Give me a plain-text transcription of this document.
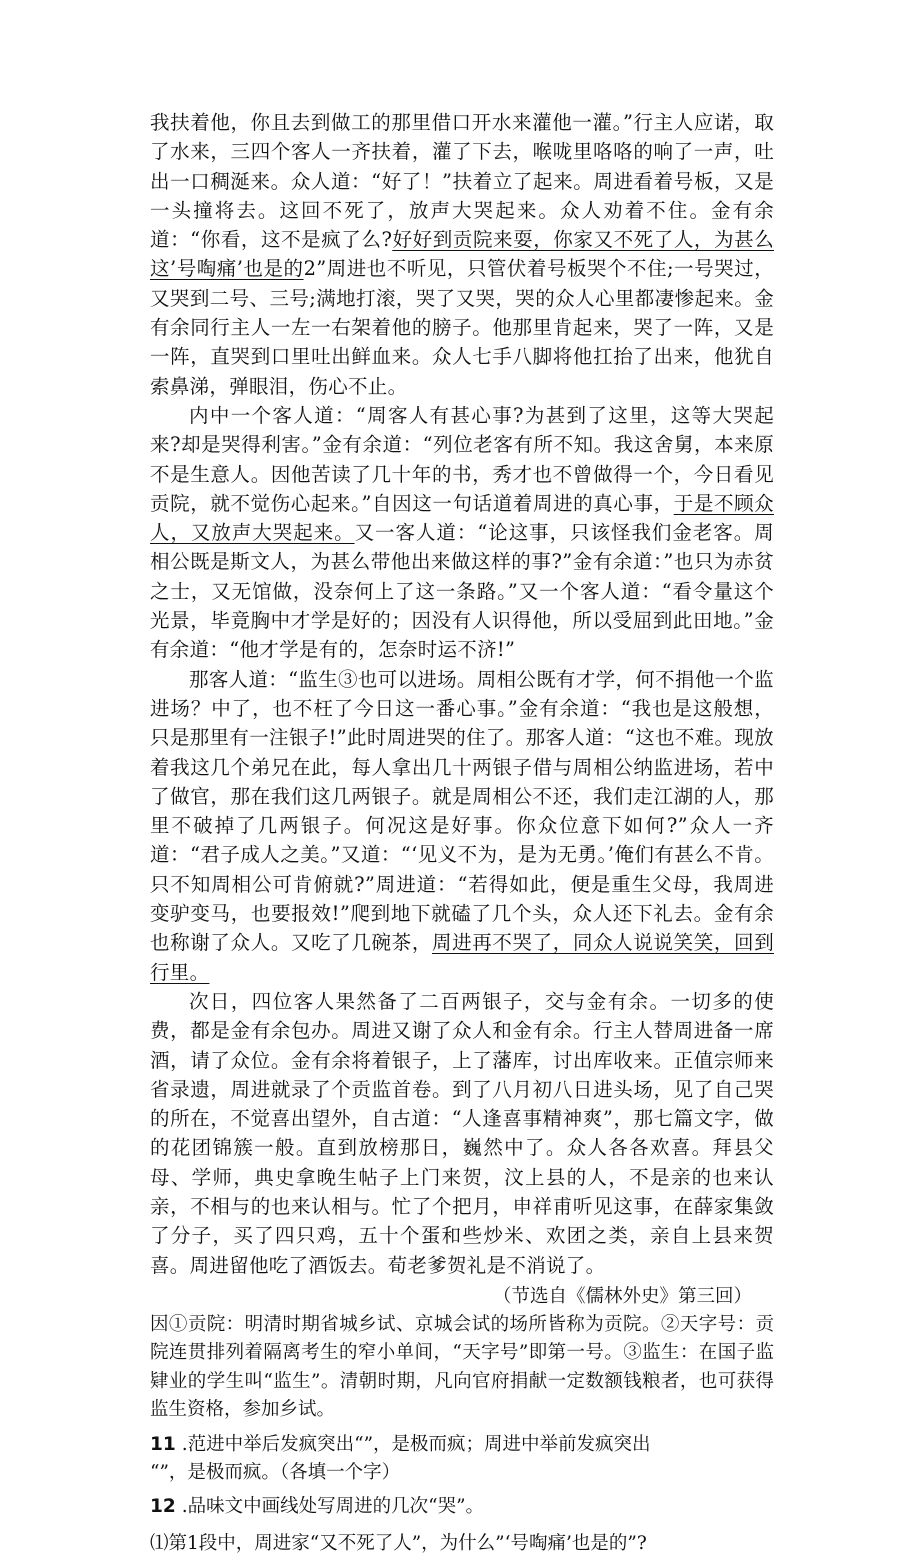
我扶着他，你且去到做工的那里借口开水来灌他一灌。”行主人应诺，取了水来，三四个客人一齐扶着，灌了下去，喉咙里咯咯的响了一声，吐出一口稠涎来。众人道：“好了！”扶着立了起来。周进看着号板，又是一头撞将去。这回不死了，放声大哭起来。众人劝着不住。金有余道：“你看，这不是疯了么?好好到贡院来耍，你家又不死了人，为甚么这’号啕痛’也是的2”周进也不听见，只管伏着号板哭个不住;一号哭过，又哭到二号、三号;满地打滚，哭了又哭，哭的众人心里都凄惨起来。金有余同行主人一左一右架着他的膀子。他那里肯起来，哭了一阵，又是一阵，直哭到口里吐出鲜血来。众人七手八脚将他扛抬了出来，他犹自索鼻涕，弹眼泪，伤心不止。

内中一个客人道：“周客人有甚心事?为甚到了这里，这等大哭起来?却是哭得利害。”金有余道：“列位老客有所不知。我这舍舅，本来原不是生意人。因他苦读了几十年的书，秀才也不曾做得一个，今日看见贡院，就不觉伤心起来。”自因这一句话道着周进的真心事，于是不顾众人，又放声大哭起来。又一客人道：“论这事，只该怪我们金老客。周相公既是斯文人，为甚么带他出来做这样的事?”金有余道：”也只为赤贫之士，又无馆做，没奈何上了这一条路。”又一个客人道：“看令量这个光景，毕竟胸中才学是好的；因没有人识得他，所以受屈到此田地。”金有余道：“他才学是有的，怎奈时运不济!”

那客人道：“监生③也可以进场。周相公既有才学，何不捐他一个监进场？中了，也不枉了今日这一番心事。”金有余道：“我也是这般想，只是那里有一注银子!”此时周进哭的住了。那客人道：“这也不难。现放着我这几个弟兄在此，每人拿出几十两银子借与周相公纳监进场，若中了做官，那在我们这几两银子。就是周相公不还，我们走江湖的人，那里不破掉了几两银子。何况这是好事。你众位意下如何?”众人一齐道：“君子成人之美。”又道：“‘见义不为，是为无勇。’俺们有甚么不肯。只不知周相公可肯俯就?”周进道：“若得如此，便是重生父母，我周进变驴变马，也要报效!”爬到地下就磕了几个头，众人还下礼去。金有余也称谢了众人。又吃了几碗茶，周进再不哭了，同众人说说笑笑，回到行里。

次日，四位客人果然备了二百两银子，交与金有余。一切多的使费，都是金有余包办。周进又谢了众人和金有余。行主人替周进备一席酒，请了众位。金有余将着银子，上了藩库，讨出库收来。正值宗师来省录遗，周进就录了个贡监首卷。到了八月初八日进头场，见了自己哭的所在，不觉喜出望外，自古道：“人逢喜事精神爽”，那七篇文字，做的花团锦簇一般。直到放榜那日，巍然中了。众人各各欢喜。拜县父母、学师，典史拿晚生帖子上门来贺，汶上县的人，不是亲的也来认亲，不相与的也来认相与。忙了个把月，申祥甫听见这事，在薛家集敛了分子，买了四只鸡，五十个蛋和些炒米、欢团之类，亲自上县来贺喜。周进留他吃了酒饭去。荀老爹贺礼是不消说了。

（节选自《儒林外史》第三回）

因①贡院：明清时期省城乡试、京城会试的场所皆称为贡院。②天字号：贡院连贯排列着隔离考生的窄小单间，“天字号”即第一号。③监生：在国子监肄业的学生叫“监生”。清朝时期，凡向官府捐献一定数额钱粮者，也可获得监生资格，参加乡试。

11 .范进中举后发疯突出“”，是极而疯；周进中举前发疯突出
“”，是极而疯。（各填一个字）

12 .品味文中画线处写周进的几次“哭”。

⑴第1段中，周进家“又不死了人”，为什么”‘号啕痛’也是的”?
